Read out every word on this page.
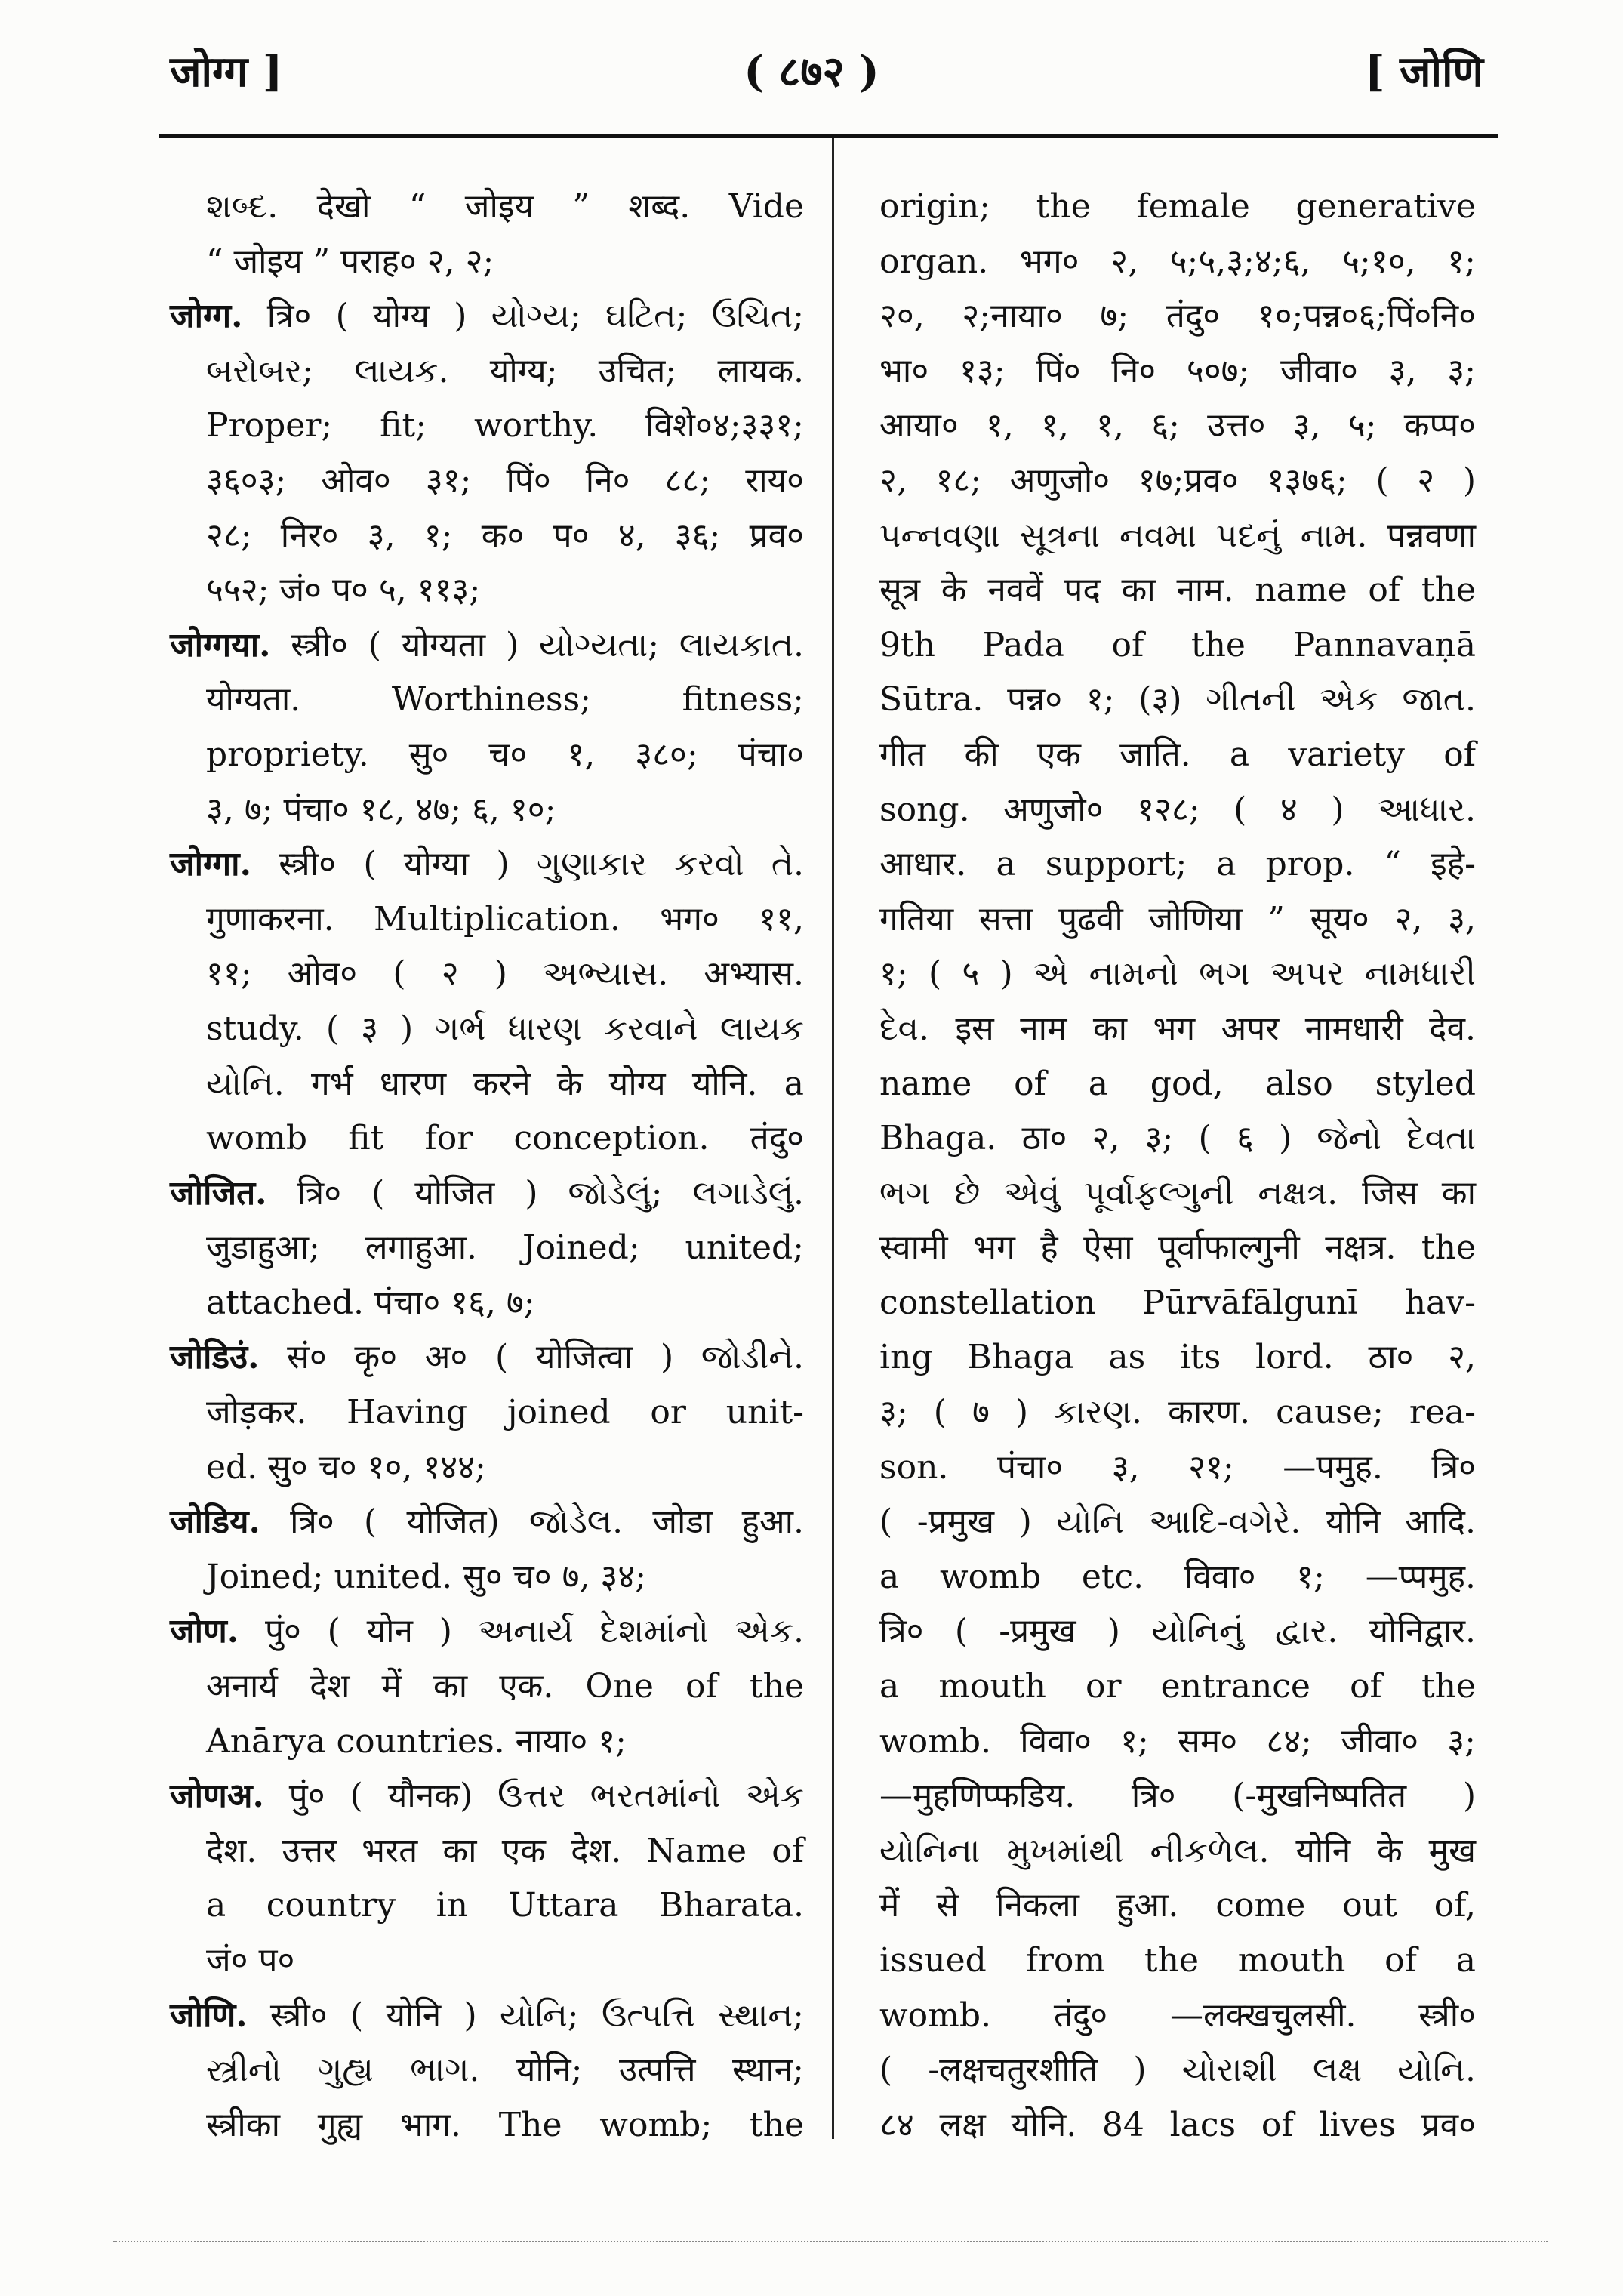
जोग्ग ]	( ८७२ )	[ जोणि
શબ્દ. देखो “ जोइय ” शब्द. Vide
“ जोइय ” पराह० २, २;
जोग्ग. त्रि० ( योग्य ) યોગ્ય; ઘટિત; ઉચિત;
બરોબર; લાયક. योग्य; उचित; लायक.
Proper; fit; worthy. विशे०४;३३१;
३६०३; ओव० ३१; पिं० नि० ८८; राय०
२८; निर० ३, १; क० प० ४, ३६; प्रव०
५५२; जं० प० ५, ११३;
जोग्गया. स्त्री० ( योग्यता ) યોગ્યતા; લાયકાત.
योग्यता. Worthiness; fitness;
propriety. सु० च० १, ३८०; पंचा०
३, ७; पंचा० १८, ४७; ६, १०;
जोग्गा. स्त्री० ( योग्या ) ગુણાકાર કરવો તે.
गुणाकरना. Multiplication. भग० ११,
११; ओव० ( २ ) અભ્યાસ. अभ्यास.
study. ( ३ ) ગર્ભ ધારણ કરવાને લાયક
યોનિ. गर्भ धारण करने के योग्य योनि. a
womb fit for conception. तंदु०
जोजित. त्रि० ( योजित ) જોડેલું; લગાડેલું.
जुडाहुआ; लगाहुआ. Joined; united;
attached. पंचा० १६, ७;
जोडिउं. सं० कृ० अ० ( योजित्वा ) જોડીને.
जोड़कर. Having joined or unit-
ed. सु० च० १०, १४४;
जोडिय. त्रि० ( योजित) જોડેલ. जोडा हुआ.
Joined; united. सु० च० ७, ३४;
जोण. पुं० ( योन ) અનાર્ય દેશમાંનો એક.
अनार्य देश में का एक. One of the
Anārya countries. नाया० १;
जोणअ. पुं० ( यौनक) ઉત્તર ભરતમાંનો એક
देश. उत्तर भरत का एक देश. Name of
a country in Uttara Bharata.
जं० प०
जोणि. स्त्री० ( योनि ) યોનિ; ઉત્પત્તિ સ્થાન;
સ્ત્રીનો ગુહ્ય ભાગ. योनि; उत्पत्ति स्थान;
स्त्रीका गुह्य भाग. The womb; the
origin; the female generative
organ. भग० २, ५;५,३;४;६, ५;१०, १;
२०, २;नाया० ७; तंदु० १०;पन्न०६;पिं०नि०
भा० १३; पिं० नि० ५०७; जीवा० ३, ३;
आया० १, १, १, ६; उत्त० ३, ५; कप्प०
२, १८; अणुजो० १७;प्रव० १३७६; ( २ )
પન્નવણા સૂત્રના નવમા પદનું નામ. पन्नवणा
सूत्र के नववें पद का नाम. name of the
9th Pada of the Pannavaṇā
Sūtra. पन्न० १; (३) ગીતની એક જાત.
गीत की एक जाति. a variety of
song. अणुजो० १२८; ( ४ ) આધાર.
आधार. a support; a prop. “ इहे-
गतिया सत्ता पुढवी जोणिया ” सूय० २, ३,
१; ( ५ ) એ નામનો ભગ અપર નામધારી
દેવ. इस नाम का भग अपर नामधारी देव.
name of a god, also styled
Bhaga. ठा० २, ३; ( ६ ) જેનો દેવતા
ભગ છે એવું પૂર્વાફલ્ગુની નક્ષત્ર. जिस का
स्वामी भग है ऐसा पूर्वाफाल्गुनी नक्षत्र. the
constellation Pūrvāfālgunī hav-
ing Bhaga as its lord. ठा० २,
३; ( ७ ) કારણ. कारण. cause; rea-
son. पंचा० ३, २१; —पमुह. त्रि०
( -प्रमुख ) યોનિ આદિ-વગેરે. योनि आदि.
a womb etc. विवा० १; —प्पमुह.
त्रि० ( -प्रमुख ) યોનિનું દ્વાર. योनिद्वार.
a mouth or entrance of the
womb. विवा० १; सम० ८४; जीवा० ३;
—मुहणिप्फडिय. त्रि० (-मुखनिष्पतित )
યોનિના મુખમાંથી નીકળેલ. योनि के मुख
में से निकला हुआ. come out of,
issued from the mouth of a
womb. तंदु० —लक्खचुलसी. स्त्री०
( -लक्षचतुरशीति ) ચોરાશી લક્ષ યોનિ.
८४ लक्ष योनि. 84 lacs of lives प्रव०
